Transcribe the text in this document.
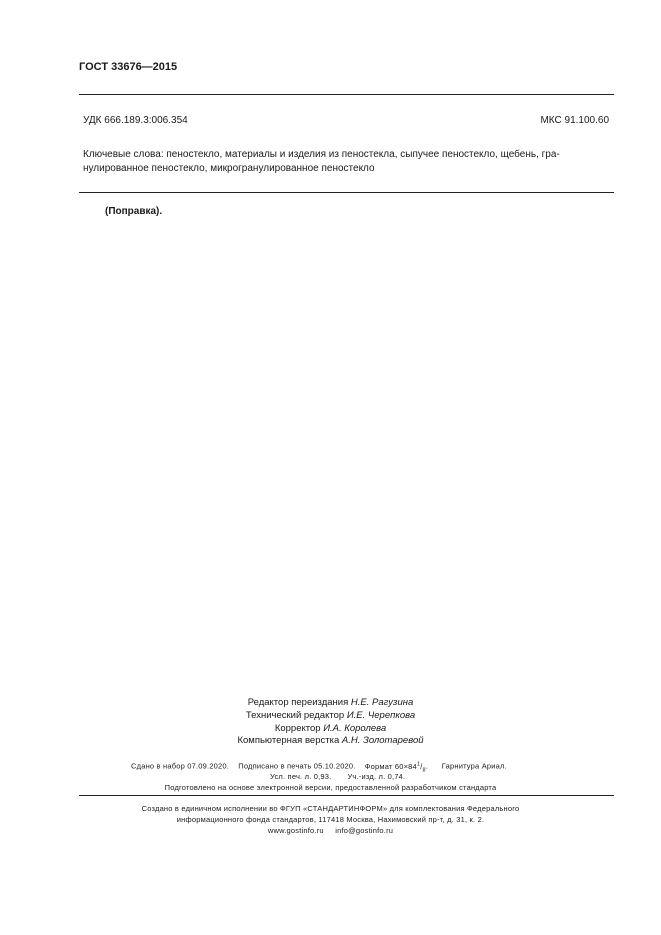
ГОСТ 33676—2015
УДК 666.189.3:006.354	МКС 91.100.60
Ключевые слова: пеностекло, материалы и изделия из пеностекла, сыпучее пеностекло, щебень, гра-
нулированное пеностекло, микрогранулированное пеностекло
(Поправка).
Редактор переиздания Н.Е. Рагузина
Технический редактор И.Е. Черепкова
Корректор И.А. Королева
Компьютерная верстка А.Н. Золотаревой
Сдано в набор 07.09.2020. Подписано в печать 05.10.2020. Формат $60\times 84^1/_8$.      Гарнитура Ариал.
Усл. печ. л. 0,93. Уч.-изд. л. 0,74.
Подготовлено на основе электронной версии, предоставленной разработчиком стандарта
Создано в единичном исполнении во ФГУП «СТАНДАРТИНФОРМ» для комплектования Федерального
информационного фонда стандартов, 117418 Москва, Нахимовский пр-т, д. 31, к. 2.
www.gostinfo.ru info@gostinfo.ru
